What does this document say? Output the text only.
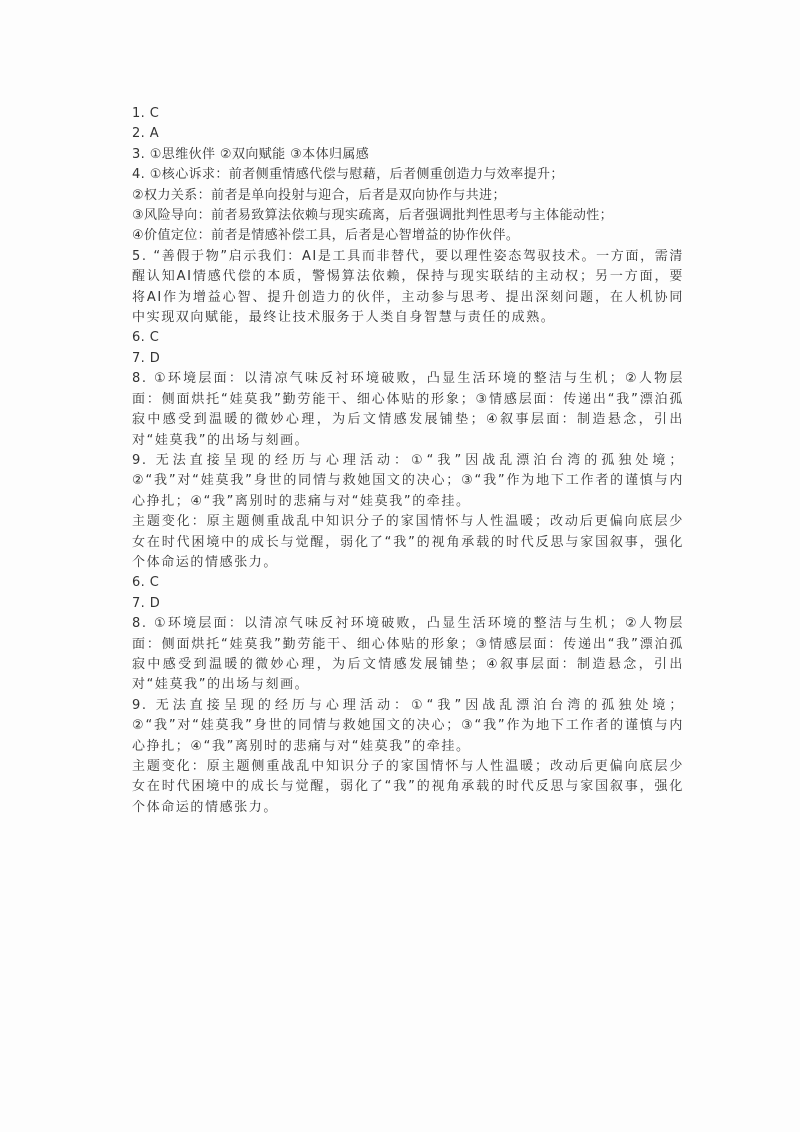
1. C
2. A
3. ①思维伙伴 ②双向赋能 ③本体归属感
4. ①核心诉求：前者侧重情感代偿与慰藉，后者侧重创造力与效率提升；
②权力关系：前者是单向投射与迎合，后者是双向协作与共进；
③风险导向：前者易致算法依赖与现实疏离，后者强调批判性思考与主体能动性；
④价值定位：前者是情感补偿工具，后者是心智增益的协作伙伴。

5. “善假于物”启示我们：AI是工具而非替代，要以理性姿态驾驭技术。一方面，需清醒认知AI情感代偿的本质，警惕算法依赖，保持与现实联结的主动权；另一方面，要将AI作为增益心智、提升创造力的伙伴，主动参与思考、提出深刻问题，在人机协同中实现双向赋能，最终让技术服务于人类自身智慧与责任的成熟。

6. C
7. D

8. ①环境层面：以清凉气味反衬环境破败，凸显生活环境的整洁与生机；②人物层面：侧面烘托“娃莫我”勤劳能干、细心体贴的形象；③情感层面：传递出“我”漂泊孤寂中感受到温暖的微妙心理，为后文情感发展铺垫；④叙事层面：制造悬念，引出对“娃莫我”的出场与刻画。

9. 无法直接呈现的经历与心理活动：①“我”因战乱漂泊台湾的孤独处境；②“我”对“娃莫我”身世的同情与救她国文的决心；③“我”作为地下工作者的谨慎与内心挣扎；④“我”离别时的悲痛与对“娃莫我”的牵挂。

主题变化：原主题侧重战乱中知识分子的家国情怀与人性温暖；改动后更偏向底层少女在时代困境中的成长与觉醒，弱化了“我”的视角承载的时代反思与家国叙事，强化个体命运的情感张力。

6. C
7. D

8. ①环境层面：以清凉气味反衬环境破败，凸显生活环境的整洁与生机；②人物层面：侧面烘托“娃莫我”勤劳能干、细心体贴的形象；③情感层面：传递出“我”漂泊孤寂中感受到温暖的微妙心理，为后文情感发展铺垫；④叙事层面：制造悬念，引出对“娃莫我”的出场与刻画。

9. 无法直接呈现的经历与心理活动：①“我”因战乱漂泊台湾的孤独处境；②“我”对“娃莫我”身世的同情与救她国文的决心；③“我”作为地下工作者的谨慎与内心挣扎；④“我”离别时的悲痛与对“娃莫我”的牵挂。

主题变化：原主题侧重战乱中知识分子的家国情怀与人性温暖；改动后更偏向底层少女在时代困境中的成长与觉醒，弱化了“我”的视角承载的时代反思与家国叙事，强化个体命运的情感张力。
